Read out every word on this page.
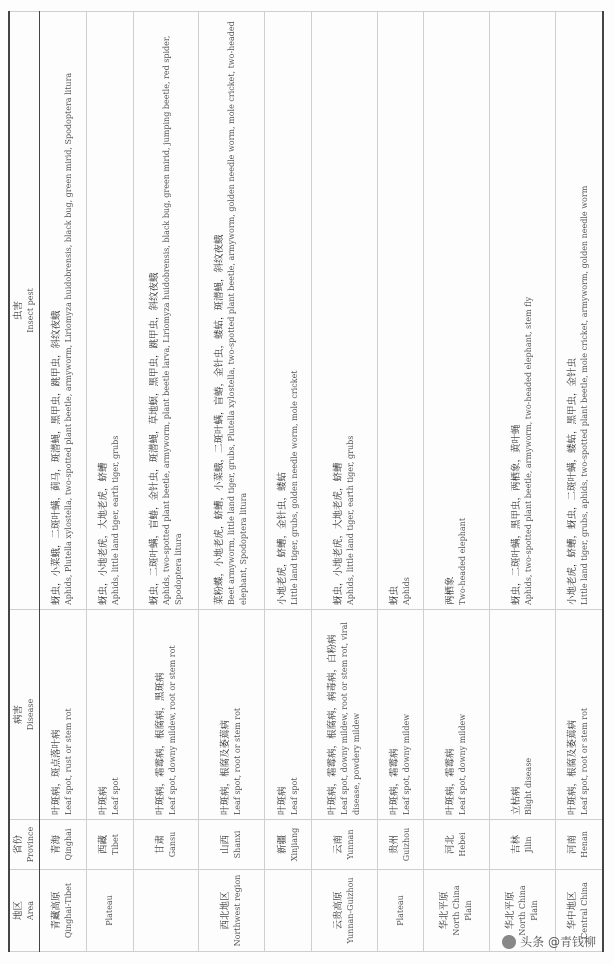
地区 Area	省份 Province	病害 Disease	虫害 Insect pest

青藏高原 Qinghai-Tibet	青海 Qinghai	叶斑病，斑点落叶病 Leaf spot, rust or stem rot	蚜虫，小菜蛾，二斑叶螨，蓟马，斑潜蝇，黑甲虫，跳甲虫，斜纹夜蛾 Aphids, Plutella xylostella, two-spotted plant beetle, armyworm, Liriomyza huidobrensis, black bug, green mirid, Spodoptera litura

Plateau	西藏 Tibet	叶斑病 Leaf spot	蚜虫，小地老虎，大地老虎，蛴螬 Aphids, little land tiger, earth tiger, grubs

	甘肃 Gansu	叶斑病，霜霉病，根腐病，黑斑病 Leaf spot, downy mildew, root or stem rot	蚜虫，二斑叶螨，盲蝽，金针虫，斑潜蝇，草地螟，黑甲虫，跳甲虫，斜纹夜蛾 Aphids, two-spotted plant beetle, armyworm, plant beetle larva, Liriomyza huidobrensis, black bug, green mirid, jumping beetle, red spider, Spodoptera litura

西北地区 Northwest region	山西 Shanxi	叶斑病，根腐及萎蔫病 Leaf spot, root or stem rot	菜粉蝶，小地老虎，蛴螬，小菜蛾，二斑叶螨，盲蝽，金针虫，蝼蛄，斑潜蝇，斜纹夜蛾 Beet armyworm, little land tiger, grubs, Plutella xylostella, two-spotted plant beetle, armyworm, golden needle worm, mole cricket, two-headed elephant, Spodoptera litura

	新疆 Xinjiang	叶斑病 Leaf spot	小地老虎，蛴螬，金针虫，蝼蛄 Little land tiger, grubs, golden needle worm, mole cricket

云贵高原 Yunnan-Guizhou	云南 Yunnan	叶斑病，霜霉病，根腐病，病毒病，白粉病 Leaf spot, downy mildew, root or stem rot, viral disease, powdery mildew	蚜虫，小地老虎，大地老虎，蛴螬 Aphids, little land tiger, earth tiger, grubs

Plateau	贵州 Guizhou	叶斑病，霜霉病 Leaf spot, downy mildew	蚜虫 Aphids

华北平原 North China Plain	河北 Hebei	叶斑病，霜霉病 Leaf spot, downy mildew	两栖象 Two-headed elephant

华北平原 North China Plain	吉林 Jilin	立枯病 Blight disease	蚜虫，二斑叶螨，黑甲虫，两栖象，黄叶蝇 Aphids, two-spotted plant beetle, armyworm, two-headed elephant, stem fly

华中地区 Central China	河南 Henan	叶斑病，根腐及萎蔫病 Leaf spot, root or stem rot	小地老虎，蛴螬，蚜虫，二斑叶螨，蝼蛄，黑甲虫，金针虫 Little land tiger, grubs, aphids, two-spotted plant beetle, mole cricket, armyworm, golden needle worm
头条 @青钱柳
